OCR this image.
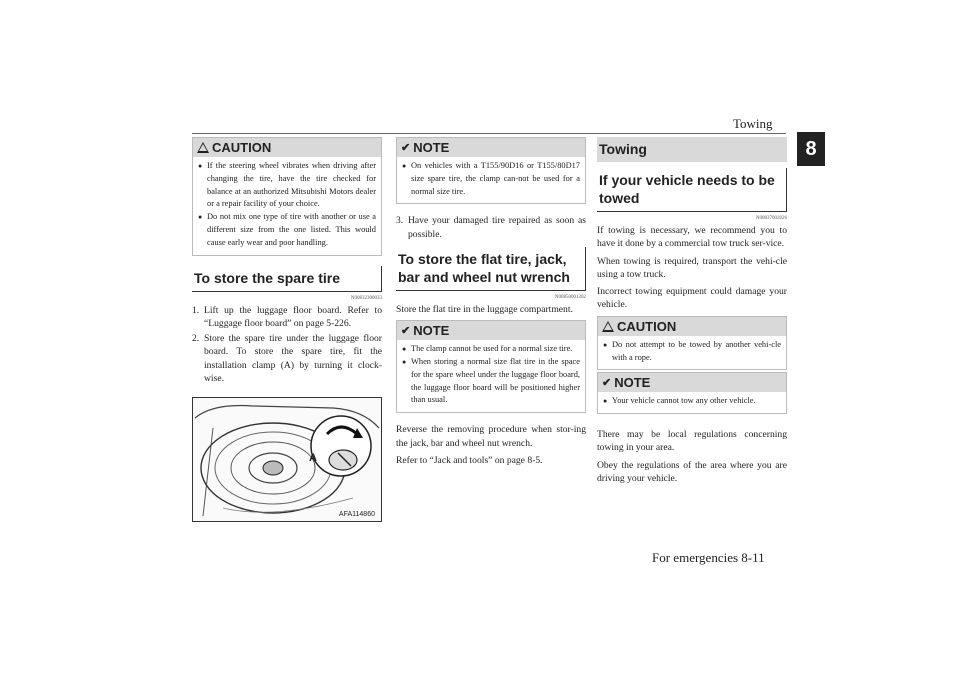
Towing
8
CAUTION
● If the steering wheel vibrates when driving after changing the tire, have the tire checked for balance at an authorized Mitsubishi Motors dealer or a repair facility of your choice.
● Do not mix one type of tire with another or use a different size from the one listed. This would cause early wear and poor handling.
To store the spare tire
N00832300033
1. Lift up the luggage floor board. Refer to “Luggage floor board” on page 5-226.
2. Store the spare tire under the luggage floor board. To store the spare tire, fit the installation clamp (A) by turning it clock-wise.
A
AFA114860
✔ NOTE
● On vehicles with a T155/90D16 or T155/80D17 size spare tire, the clamp can-not be used for a normal size tire.
3. Have your damaged tire repaired as soon as possible.
To store the flat tire, jack, bar and wheel nut wrench
N00850001202

Store the flat tire in the luggage compartment.

✔ NOTE
● The clamp cannot be used for a normal size tire.
● When storing a normal size flat tire in the space for the spare wheel under the luggage floor board, the luggage floor board will be positioned higher than usual.

Reverse the removing procedure when stor-ing the jack, bar and wheel nut wrench.

Refer to “Jack and tools” on page 8-5.

Towing
If your vehicle needs to be towed
N00837002026

If towing is necessary, we recommend you to have it done by a commercial tow truck ser-vice.

When towing is required, transport the vehi-cle using a tow truck.

Incorrect towing equipment could damage your vehicle.

CAUTION
● Do not attempt to be towed by another vehi-cle with a rope.
✔ NOTE
● Your vehicle cannot tow any other vehicle.

There may be local regulations concerning towing in your area.

Obey the regulations of the area where you are driving your vehicle.

For emergencies 8-11
